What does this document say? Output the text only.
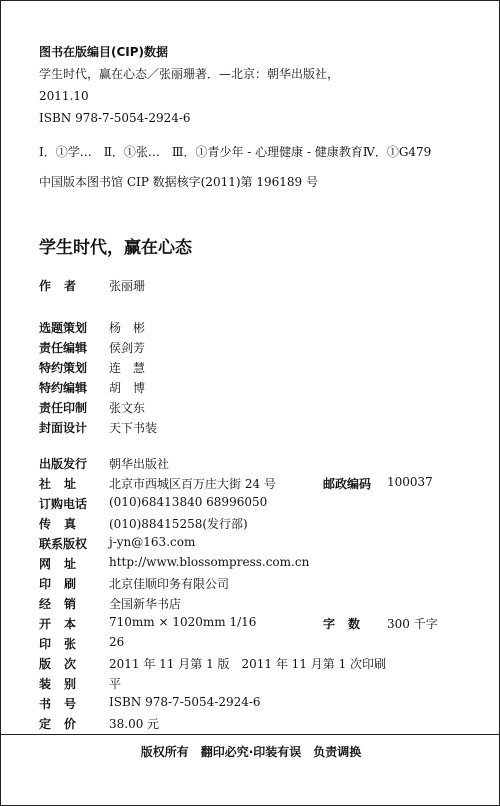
图书在版编目(CIP)数据
学生时代，赢在心态／张丽珊著．—北京：朝华出版社，
2011.10
ISBN 978-7-5054-2924-6
Ⅰ．①学…　Ⅱ．①张…　Ⅲ．①青少年 - 心理健康 - 健康教育Ⅳ．①G479
中国版本图书馆 CIP 数据核字(2011)第 196189 号
学生时代，赢在心态
作者 张丽珊
选题策划 杨　彬
责任编辑 侯剑芳
特约策划 连　慧
特约编辑 胡　博
责任印制 张文东
封面设计 天下书装
出版发行 朝华出版社
社址 北京市西城区百万庄大街 24 号	邮政编码 100037
订购电话 (010)68413840 68996050
传真 (010)88415258(发行部)
联系版权 j-yn@163.com
网址 http://www.blossompress.com.cn
印刷 北京佳顺印务有限公司
经销 全国新华书店
开本 710mm × 1020mm 1/16	字数 300 千字
印张 26
版次 2011 年 11 月第 1 版　2011 年 11 月第 1 次印刷
装别 平
书号 ISBN 978-7-5054-2924-6
定价 38.00 元
版权所有　翻印必究·印装有误　负责调换
